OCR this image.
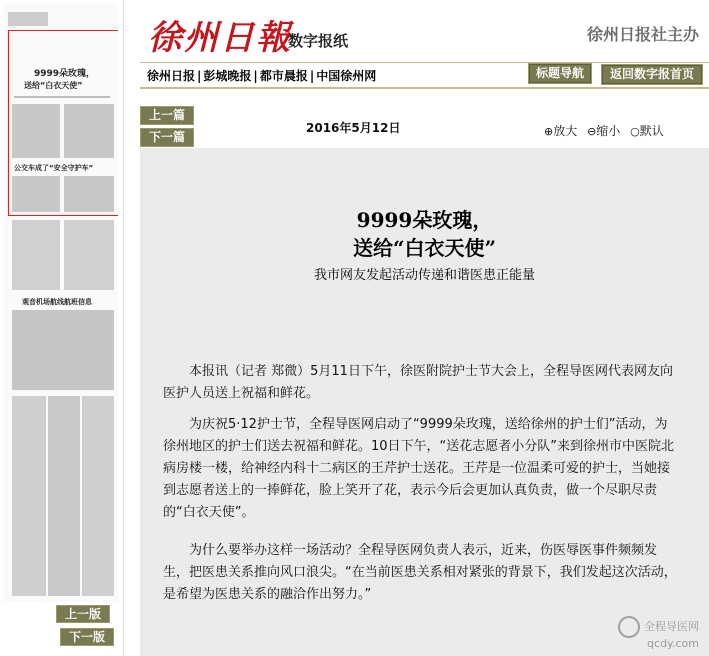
9999朵玫瑰，
送给“白衣天使”
公交车成了“安全守护车”
观音机场航线航班信息
上一版
下一版
徐州日報
数字报纸	徐州日报社主办
徐州日报 | 彭城晚报 | 都市晨报 | 中国徐州网	标题导航	返回数字报首页
上一篇
下一篇
2016年5月12日	⊕放大 ⊖缩小 ○默认
9999朵玫瑰，
送给“白衣天使”
我市网友发起活动传递和谐医患正能量
本报讯（记者 郑微）5月11日下午，徐医附院护士节大会上，全程导医网代表网友向医护人员送上祝福和鲜花。
为庆祝5·12护士节，全程导医网启动了“9999朵玫瑰，送给徐州的护士们”活动，为徐州地区的护士们送去祝福和鲜花。10日下午，“送花志愿者小分队”来到徐州市中医院北病房楼一楼，给神经内科十二病区的王芹护士送花。王芹是一位温柔可爱的护士，当她接到志愿者送上的一捧鲜花，脸上笑开了花，表示今后会更加认真负责，做一个尽职尽责的“白衣天使”。
为什么要举办这样一场活动？全程导医网负责人表示，近来，伤医辱医事件频频发生，把医患关系推向风口浪尖。“在当前医患关系相对紧张的背景下，我们发起这次活动，是希望为医患关系的融洽作出努力。”
全程导医网
qcdy.com
